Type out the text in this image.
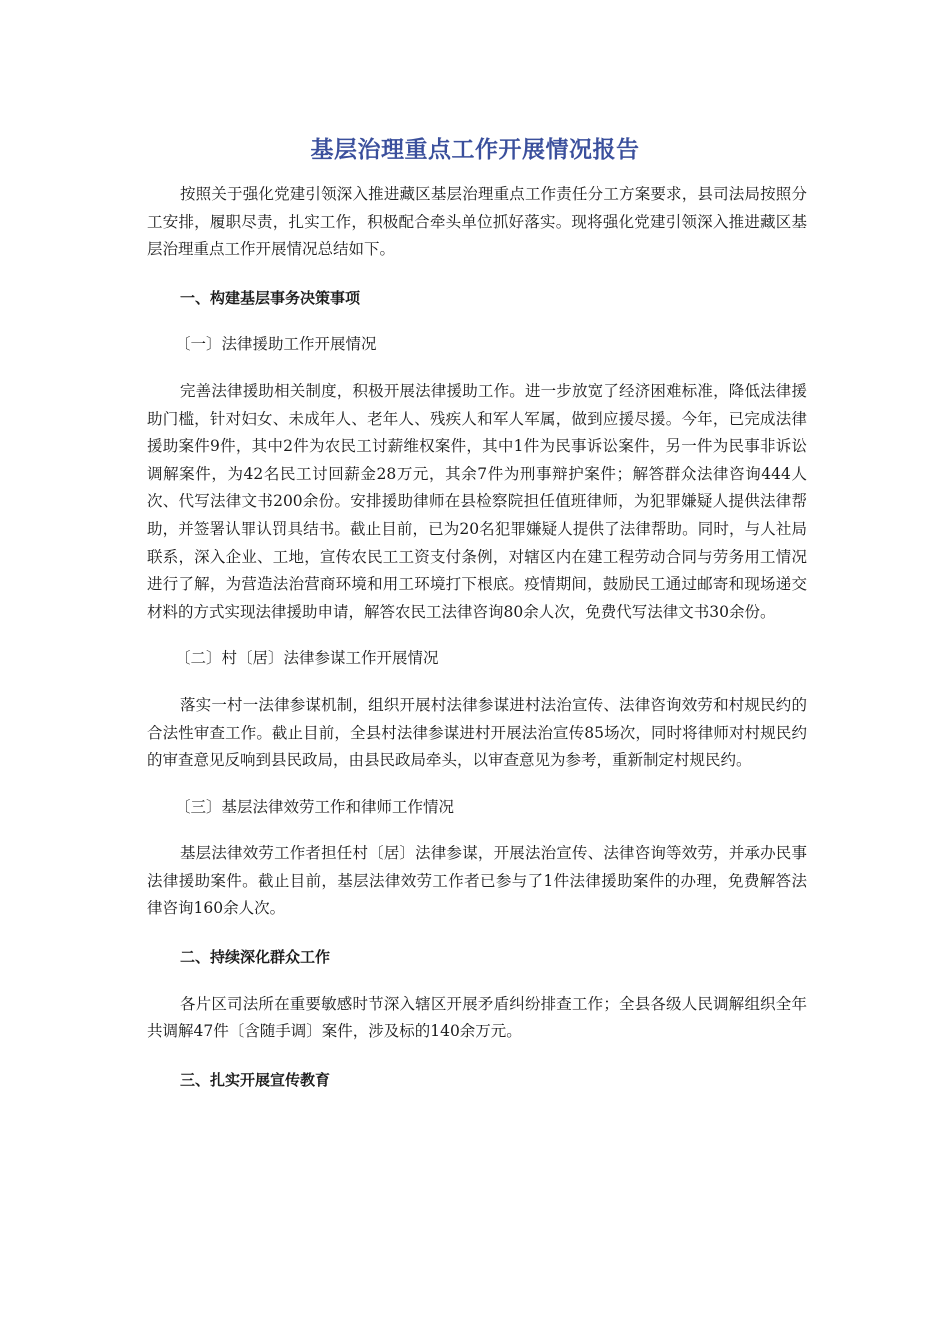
基层治理重点工作开展情况报告

按照关于强化党建引领深入推进藏区基层治理重点工作责任分工方案要求，县司法局按照分工安排，履职尽责，扎实工作，积极配合牵头单位抓好落实。现将强化党建引领深入推进藏区基层治理重点工作开展情况总结如下。

一、构建基层事务决策事项

〔一〕法律援助工作开展情况

完善法律援助相关制度，积极开展法律援助工作。进一步放宽了经济困难标准，降低法律援助门槛，针对妇女、未成年人、老年人、残疾人和军人军属，做到应援尽援。今年，已完成法律援助案件9件，其中2件为农民工讨薪维权案件，其中1件为民事诉讼案件，另一件为民事非诉讼调解案件，为42名民工讨回薪金28万元，其余7件为刑事辩护案件；解答群众法律咨询444人次、代写法律文书200余份。安排援助律师在县检察院担任值班律师，为犯罪嫌疑人提供法律帮助，并签署认罪认罚具结书。截止目前，已为20名犯罪嫌疑人提供了法律帮助。同时，与人社局联系，深入企业、工地，宣传农民工工资支付条例，对辖区内在建工程劳动合同与劳务用工情况进行了解，为营造法治营商环境和用工环境打下根底。疫情期间，鼓励民工通过邮寄和现场递交材料的方式实现法律援助申请，解答农民工法律咨询80余人次，免费代写法律文书30余份。

〔二〕村〔居〕法律参谋工作开展情况

落实一村一法律参谋机制，组织开展村法律参谋进村法治宣传、法律咨询效劳和村规民约的合法性审查工作。截止目前，全县村法律参谋进村开展法治宣传85场次，同时将律师对村规民约的审查意见反响到县民政局，由县民政局牵头，以审查意见为参考，重新制定村规民约。

〔三〕基层法律效劳工作和律师工作情况

基层法律效劳工作者担任村〔居〕法律参谋，开展法治宣传、法律咨询等效劳，并承办民事法律援助案件。截止目前，基层法律效劳工作者已参与了1件法律援助案件的办理，免费解答法律咨询160余人次。

二、持续深化群众工作

各片区司法所在重要敏感时节深入辖区开展矛盾纠纷排查工作；全县各级人民调解组织全年共调解47件〔含随手调〕案件，涉及标的140余万元。

三、扎实开展宣传教育
